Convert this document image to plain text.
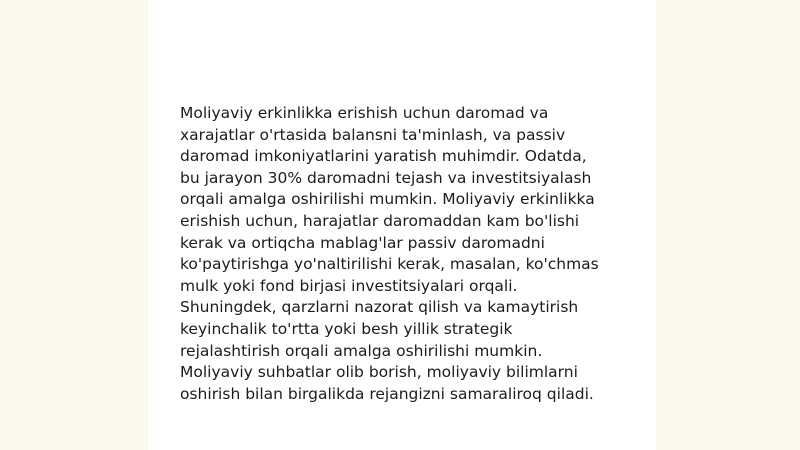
Moliyaviy erkinlikka erishish uchun daromad va
xarajatlar o'rtasida balansni ta'minlash, va passiv
daromad imkoniyatlarini yaratish muhimdir. Odatda,
bu jarayon 30% daromadni tejash va investitsiyalash
orqali amalga oshirilishi mumkin. Moliyaviy erkinlikka
erishish uchun, harajatlar daromaddan kam bo'lishi
kerak va ortiqcha mablag'lar passiv daromadni
ko'paytirishga yo'naltirilishi kerak, masalan, ko'chmas
mulk yoki fond birjasi investitsiyalari orqali.
Shuningdek, qarzlarni nazorat qilish va kamaytirish
keyinchalik to'rtta yoki besh yillik strategik
rejalashtirish orqali amalga oshirilishi mumkin.
Moliyaviy suhbatlar olib borish, moliyaviy bilimlarni
oshirish bilan birgalikda rejangizni samaraliroq qiladi.
